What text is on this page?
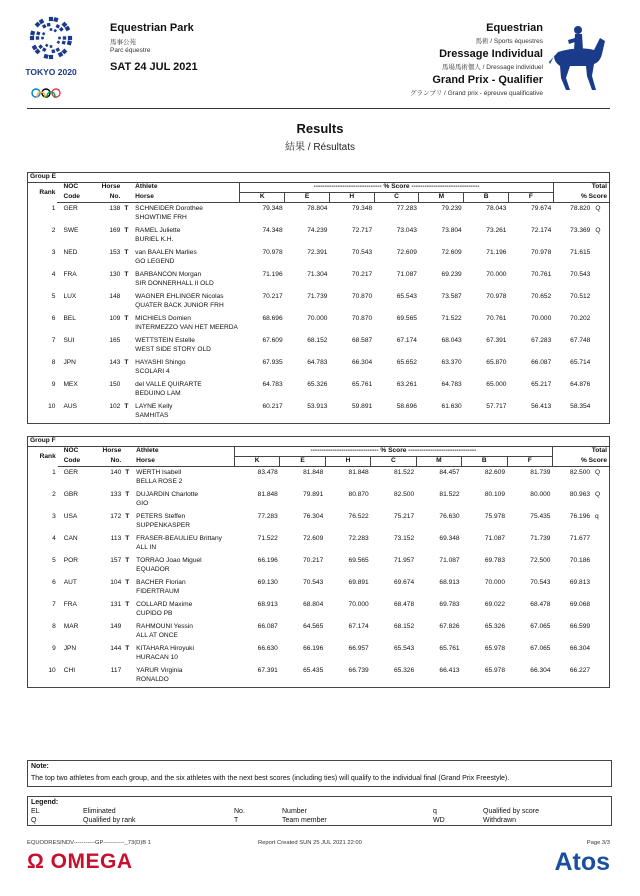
TOKYO 2020
Equestrian Park
馬事公苑
Parc équestre
SAT 24 JUL 2021
Equestrian
馬術 / Sports équestres
Dressage Individual
馬場馬術個人 / Dressage individuel
Grand Prix - Qualifier
グランプリ / Grand prix - épreuve qualificative
Results
結果 / Résultats
Group E													
Rank	NOC	Horse		Athlete	------------------------------- % Score -------------------------------							Total	
	Code	No.		Horse	K	E	H	C	M	B	F	% Score	
1	GER	138	T	SCHNEIDER Dorothee	79.348	78.804	79.348	77.283	79.239	78.043	79.674	78.820	Q
				SHOWTIME FRH									
2	SWE	169	T	RAMEL Juliette	74.348	74.239	72.717	73.043	73.804	73.261	72.174	73.369	Q
				BURIEL K.H.									
3	NED	153	T	van BAALEN Marlies	70.978	72.391	70.543	72.609	72.609	71.196	70.978	71.615	
				GO LEGEND									
4	FRA	130	T	BARBANCON Morgan	71.196	71.304	70.217	71.087	69.239	70.000	70.761	70.543	
				SIR DONNERHALL II OLD									
5	LUX	148		WAGNER EHLINGER Nicolas	70.217	71.739	70.870	65.543	73.587	70.978	70.652	70.512	
				QUATER BACK JUNIOR FRH									
6	BEL	109	T	MICHIELS Domien	68.696	70.000	70.870	69.565	71.522	70.761	70.000	70.202	
				INTERMEZZO VAN HET MEERDA									
7	SUI	165		WETTSTEIN Estelle	67.609	68.152	68.587	67.174	68.043	67.391	67.283	67.748	
				WEST SIDE STORY OLD									
8	JPN	143	T	HAYASHI Shingo	67.935	64.783	66.304	65.652	63.370	65.870	66.087	65.714	
				SCOLARI 4									
9	MEX	150		del VALLE QUIRARTE	64.783	65.326	65.761	63.261	64.783	65.000	65.217	64.876	
				BEDUINO LAM									
10	AUS	102	T	LAYNE Kelly	60.217	53.913	59.891	58.696	61.630	57.717	56.413	58.354	
				SAMHITAS									
Group F													
Rank	NOC	Horse		Athlete	------------------------------- % Score -------------------------------							Total	
	Code	No.		Horse	K	E	H	C	M	B	F	% Score	
1	GER	140	T	WERTH Isabell	83.478	81.848	81.848	81.522	84.457	82.609	81.739	82.500	Q
				BELLA ROSE 2									
2	GBR	133	T	DUJARDIN Charlotte	81.848	79.891	80.870	82.500	81.522	80.109	80.000	80.963	Q
				GIO									
3	USA	172	T	PETERS Steffen	77.283	76.304	76.522	75.217	76.630	75.978	75.435	76.196	q
				SUPPENKASPER									
4	CAN	113	T	FRASER-BEAULIEU Brittany	71.522	72.609	72.283	73.152	69.348	71.087	71.739	71.677	
				ALL IN									
5	POR	157	T	TORRAO Joao Miguel	66.196	70.217	69.565	71.957	71.087	69.783	72.500	70.186	
				EQUADOR									
6	AUT	104	T	BACHER Florian	69.130	70.543	69.891	69.674	68.913	70.000	70.543	69.813	
				FIDERTRAUM									
7	FRA	131	T	COLLARD Maxime	68.913	68.804	70.000	68.478	69.783	69.022	68.478	69.068	
				CUPIDO PB									
8	MAR	149		RAHMOUNI Yessin	66.087	64.565	67.174	68.152	67.826	65.326	67.065	66.599	
				ALL AT ONCE									
9	JPN	144	T	KITAHARA Hiroyuki	66.630	66.196	66.957	65.543	65.761	65.978	67.065	66.304	
				HURACAN 10									
10	CHI	117		YARUR Virginia	67.391	65.435	66.739	65.326	66.413	65.978	66.304	66.227	
				RONALDO									
Note:
The top two athletes from each group, and the six athletes with the next best scores (including ties) will qualify to the individual final (Grand Prix Freestyle).
Legend:
EL	Eliminated	No.	Number	q	Qualified by score
Q	Qualified by rank	T	Team member	WD	Withdrawn
EQUODRESINDV-----------GP-----------_73(D)B 1	Report Created SUN 25 JUL 2021 22:00	Page 3/3
Ω OMEGA	Atos
